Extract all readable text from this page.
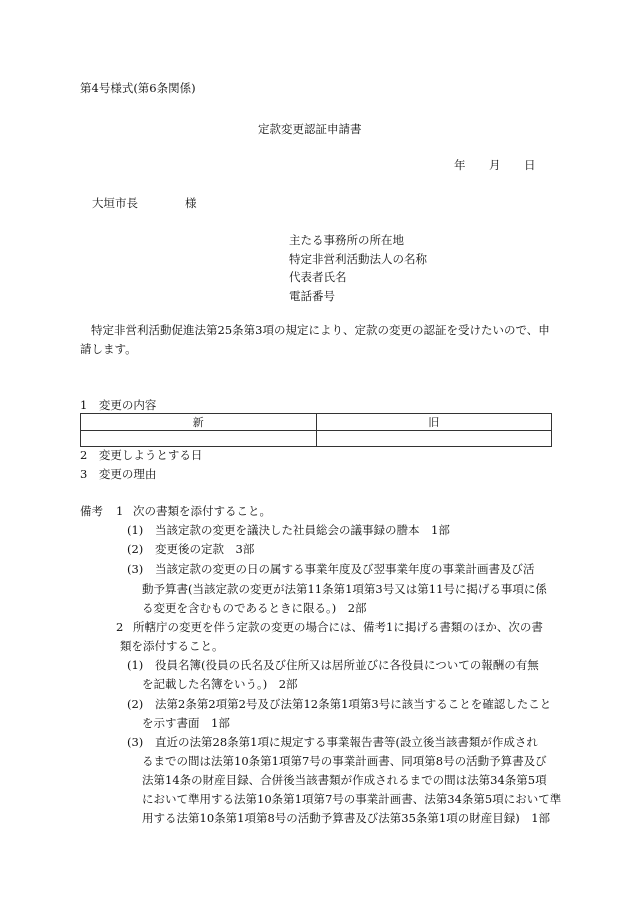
第4号様式(第6条関係)
定款変更認証申請書
年 月 日
大垣市長	様
主たる事務所の所在地
特定非営利活動法人の名称
代表者氏名
電話番号
特定非営利活動促進法第25条第3項の規定により、定款の変更の認証を受けたいので、申
請します。
1　変更の内容
新	旧

2　変更しようとする日
3　変更の理由
備考 1 次の書類を添付すること。
(1) 当該定款の変更を議決した社員総会の議事録の謄本　1部
(2) 変更後の定款　3部
(3) 当該定款の変更の日の属する事業年度及び翌事業年度の事業計画書及び活
動予算書(当該定款の変更が法第11条第1項第3号又は第11号に掲げる事項に係
る変更を含むものであるときに限る。)　2部
2 所轄庁の変更を伴う定款の変更の場合には、備考1に掲げる書類のほか、次の書
類を添付すること。
(1) 役員名簿(役員の氏名及び住所又は居所並びに各役員についての報酬の有無
を記載した名簿をいう。)　2部
(2) 法第2条第2項第2号及び法第12条第1項第3号に該当することを確認したこと
を示す書面　1部
(3) 直近の法第28条第1項に規定する事業報告書等(設立後当該書類が作成され
るまでの間は法第10条第1項第7号の事業計画書、同項第8号の活動予算書及び
法第14条の財産目録、合併後当該書類が作成されるまでの間は法第34条第5項
において準用する法第10条第1項第7号の事業計画書、法第34条第5項において準
用する法第10条第1項第8号の活動予算書及び法第35条第1項の財産目録)　1部
